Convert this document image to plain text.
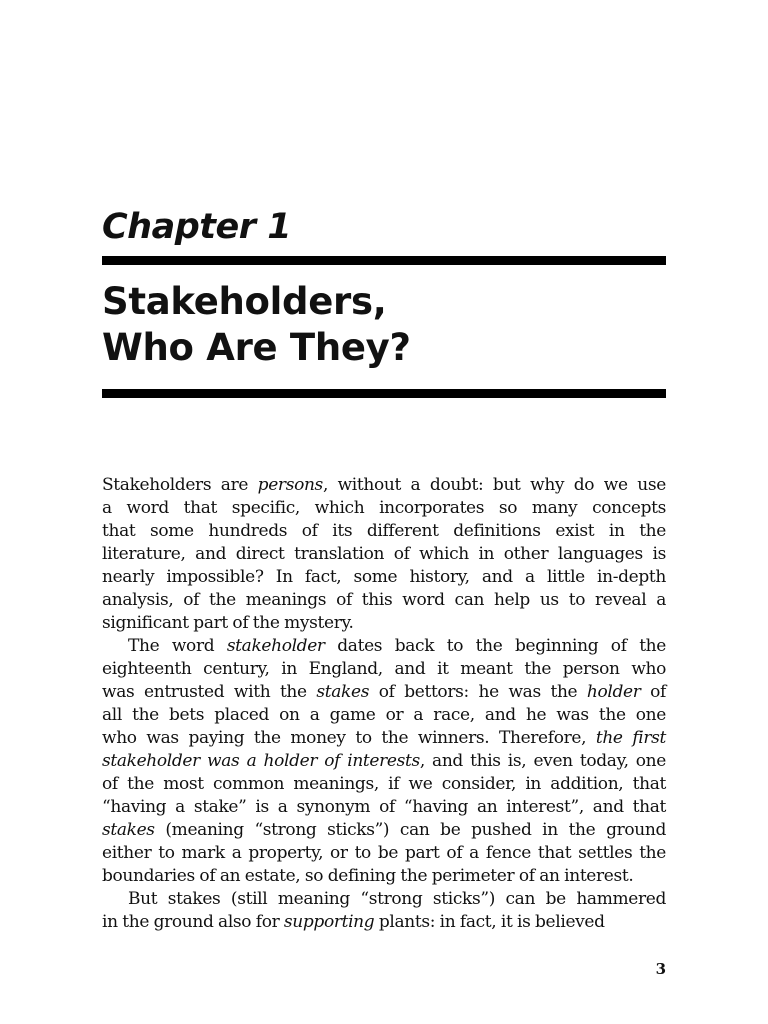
Chapter 1
Stakeholders,
Who Are They?
Stakeholders are persons, without a doubt: but why do we use
a word that specific, which incorporates so many concepts
that some hundreds of its different definitions exist in the
literature, and direct translation of which in other languages is
nearly impossible? In fact, some history, and a little in-depth
analysis, of the meanings of this word can help us to reveal a
significant part of the mystery.
The word stakeholder dates back to the beginning of the
eighteenth century, in England, and it meant the person who
was entrusted with the stakes of bettors: he was the holder of
all the bets placed on a game or a race, and he was the one
who was paying the money to the winners. Therefore, the first
stakeholder was a holder of interests, and this is, even today, one
of the most common meanings, if we consider, in addition, that
“having a stake” is a synonym of “having an interest”, and that
stakes (meaning “strong sticks”) can be pushed in the ground
either to mark a property, or to be part of a fence that settles the
boundaries of an estate, so defining the perimeter of an interest.
But stakes (still meaning “strong sticks”) can be hammered
in the ground also for supporting plants: in fact, it is believed
3
